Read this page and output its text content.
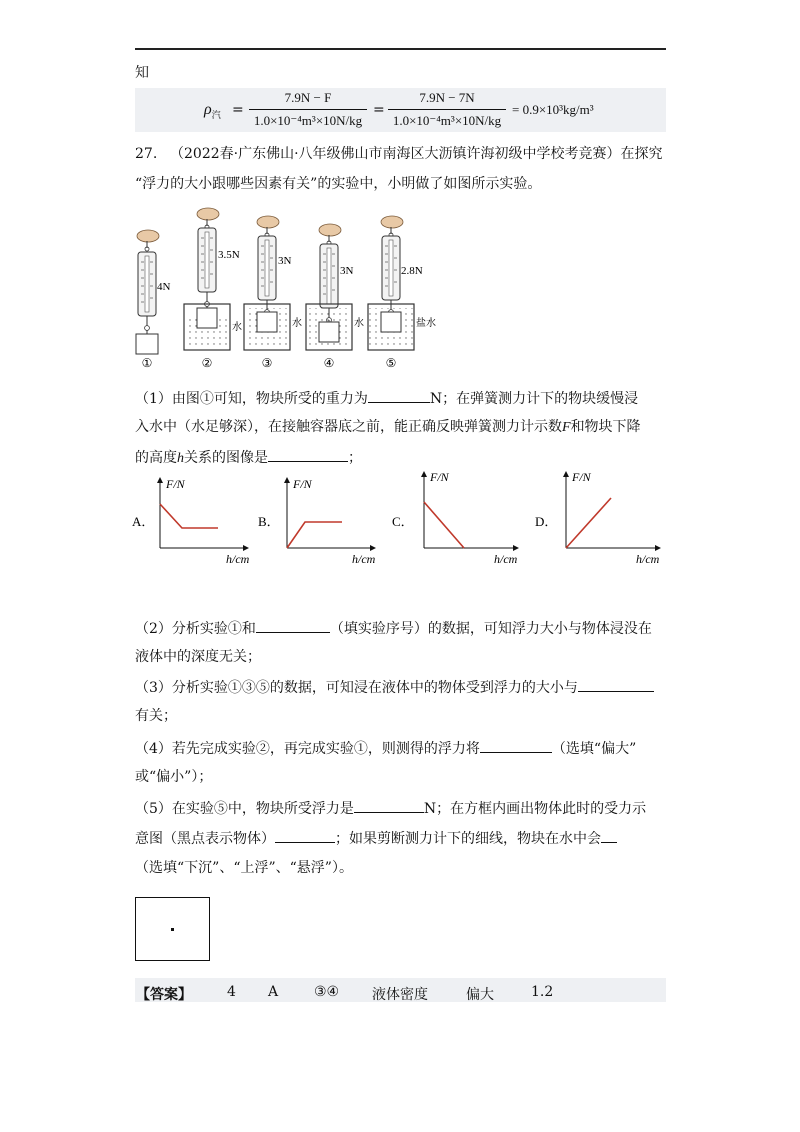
知
$\rho_汽 = \frac{7.9N - F}{\text{1.0×10⁻⁴m³×10N/kg}} = \frac{7.9N - 7N}{\text{1.0×10⁻⁴m³×10N/kg}} = 0.9\times 10^3kg/m^3$
27. （2022春·广东佛山·八年级佛山市南海区大沥镇许海初级中学校考竞赛）在探究
“浮力的大小跟哪些因素有关”的实验中，小明做了如图所示实验。
4N
①
3.5N
水
②
3N
水
③
3N
水
④
2.8N
盐水
⑤
（1）由图①可知，物块所受的重力为	N；在弹簧测力计下的物块缓慢浸
入水中（水足够深），在接触容器底之前，能正确反映弹簧测力计示数F和物块下降
的高度h关系的图像是	；
F/N
h/cm
A．
F/N
h/cm
B．
F/N
h/cm
C．
F/N
h/cm
D．
（2）分析实验①和	（填实验序号）的数据，可知浮力大小与物体浸没在
液体中的深度无关；
（3）分析实验①③⑤的数据，可知浸在液体中的物体受到浮力的大小与
有关；
（4）若先完成实验②，再完成实验①，则测得的浮力将	（选填“偏大”
或“偏小”）；
（5）在实验⑤中，物块所受浮力是	N；在方框内画出物体此时的受力示
意图（黑点表示物体）	；如果剪断测力计下的细线，物块在水中会
（选填“下沉”、“上浮”、“悬浮”）。
【答案】	4 A	③④ 液体密度	偏大	1.2
